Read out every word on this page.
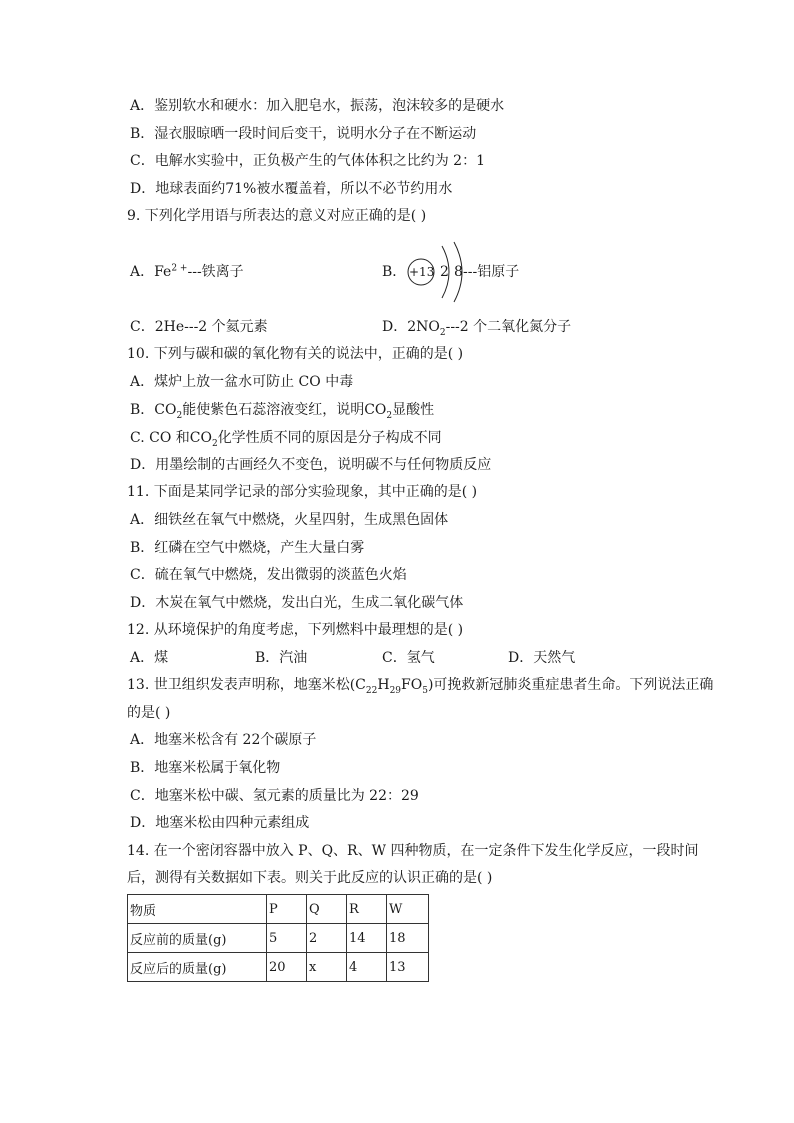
A．鉴别软水和硬水：加入肥皂水，振荡，泡沫较多的是硬水
B．湿衣服晾晒一段时间后变干，说明水分子在不断运动
C．电解水实验中，正负极产生的气体体积之比约为 2：1
D．地球表面约71%被水覆盖着，所以不必节约用水
9. 下列化学用语与所表达的意义对应正确的是( )
A．$Fe^{2 +}---$铁离子	B． +13 2 8 ---铝原子
C．2He---2 个氦元素	D．$2NO_2---2$ 个二氧化氮分子
10. 下列与碳和碳的氧化物有关的说法中，正确的是( )
A．煤炉上放一盆水可防止 CO 中毒
B．$CO_2$能使紫色石蕊溶液变红，说明$CO_2$显酸性
C. CO 和$CO_2$化学性质不同的原因是分子构成不同
D．用墨绘制的古画经久不变色，说明碳不与任何物质反应
11. 下面是某同学记录的部分实验现象，其中正确的是( )
A．细铁丝在氧气中燃烧，火星四射，生成黑色固体
B．红磷在空气中燃烧，产生大量白雾
C．硫在氧气中燃烧，发出微弱的淡蓝色火焰
D．木炭在氧气中燃烧，发出白光，生成二氧化碳气体
12. 从环境保护的角度考虑，下列燃料中最理想的是( )
A．煤	B．汽油	C．氢气	D．天然气
13. 世卫组织发表声明称，地塞米松$(C_{22}H_{29}FO_5)$可挽救新冠肺炎重症患者生命。下列说法正确
的是( )
A．地塞米松含有 22个碳原子
B．地塞米松属于氧化物
C．地塞米松中碳、氢元素的质量比为 22：29
D．地塞米松由四种元素组成
14. 在一个密闭容器中放入 P、Q、R、W 四种物质，在一定条件下发生化学反应，一段时间
后，测得有关数据如下表。则关于此反应的认识正确的是( )
物质	P	Q	R	W
反应前的质量(g)	5	2	14	18
反应后的质量(g)	20	x	4	13
